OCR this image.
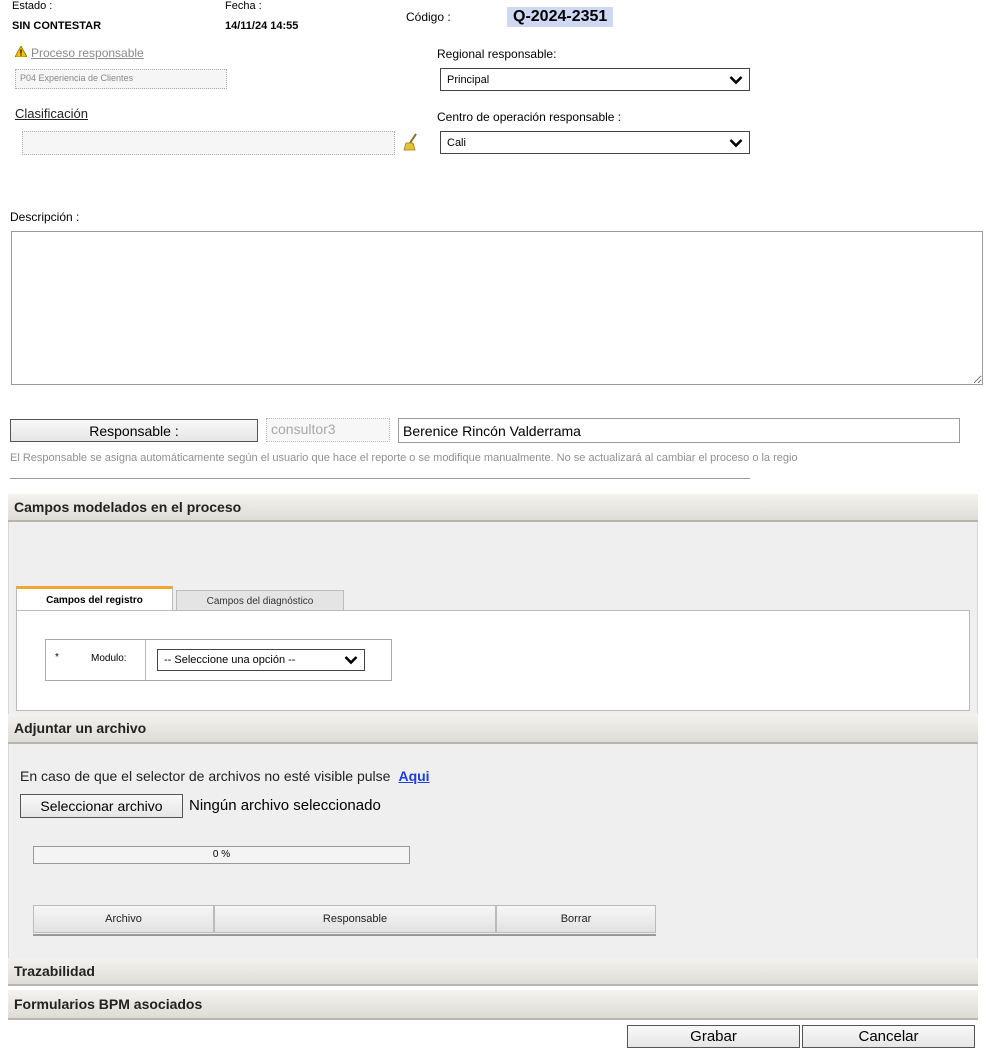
Estado :
SIN CONTESTAR
Fecha :
14/11/24 14:55
Código :	Q-2024-2351
Proceso responsable
P04 Experiencia de Clientes
Regional responsable:
Principal
Clasificación	Centro de operación responsable :
Cali
Descripción :
Responsable :	consultor3	Berenice Rincón Valderrama
El Responsable se asigna automáticamente según el usuario que hace el reporte o se modifique manualmente. No se actualizará al cambiar el proceso o la regio
Campos modelados en el proceso
Campos del registro	Campos del diagnóstico
*	Modulo:	-- Seleccione una opción --
Adjuntar un archivo
En caso de que el selector de archivos no esté visible pulse Aqui
Seleccionar archivo	Ningún archivo seleccionado
0 %
Archivo	Responsable	Borrar
Trazabilidad
Formularios BPM asociados
Grabar	Cancelar
